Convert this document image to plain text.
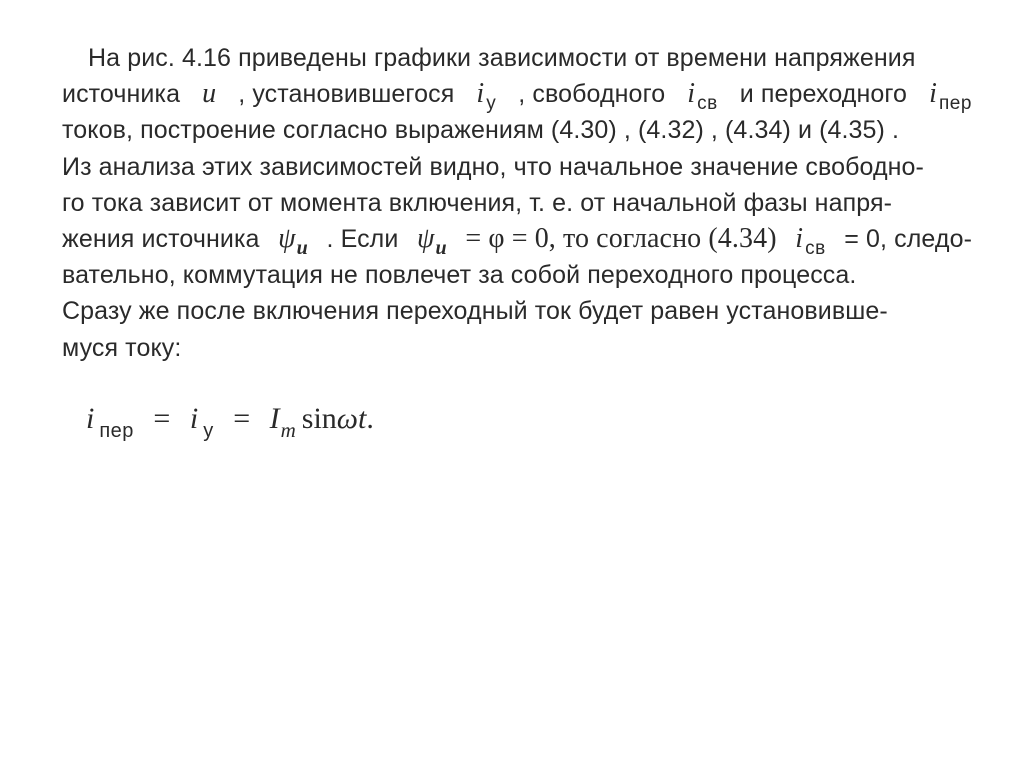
На рис. 4.16 приведены графики зависимости от времени напряжения
источника u , установившегося i $_у$ , свободного i $_{св}$ и переходного i $_{пер}$
токов, построение согласно выражениям (4.30) , (4.32) , (4.34) и (4.35) .
Из анализа этих зависимостей видно, что начальное значение свободно-
го тока зависит от момента включения, т. е. от начальной фазы напря-
жения источника $\psi_u$ . Если $\psi_u = \varphi = 0$, то согласно (4.34) i $_{св}$ = 0, следо-
вательно, коммутация не повлечет за собой переходного процесса.
Сразу же после включения переходный ток будет равен установивше-
муся току:
i $_{пер}$ = i $_у = I_m$ sinωt.
